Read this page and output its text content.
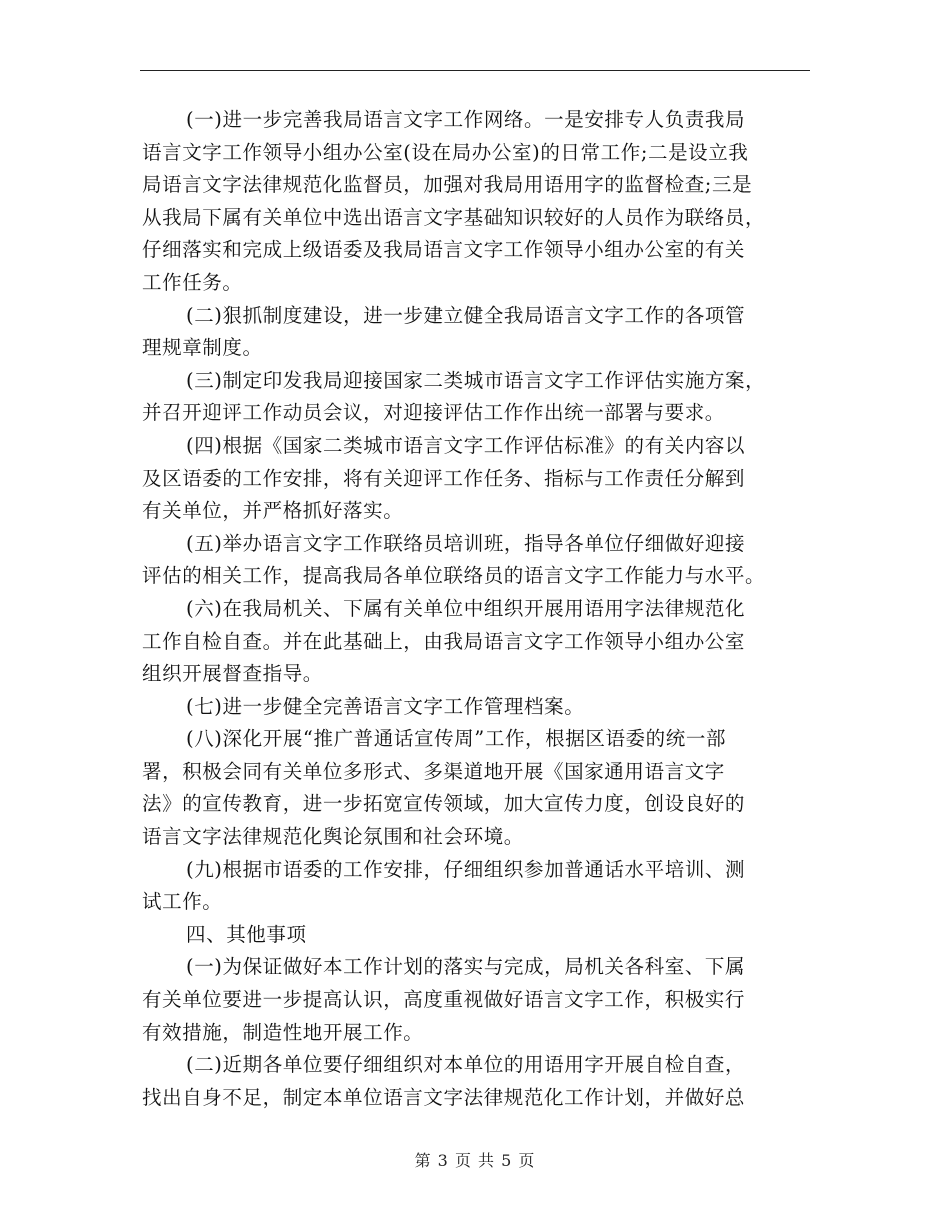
(一)进一步完善我局语言文字工作网络。一是安排专人负责我局
语言文字工作领导小组办公室(设在局办公室)的日常工作;二是设立我
局语言文字法律规范化监督员，加强对我局用语用字的监督检查;三是
从我局下属有关单位中选出语言文字基础知识较好的人员作为联络员，
仔细落实和完成上级语委及我局语言文字工作领导小组办公室的有关
工作任务。

(二)狠抓制度建设，进一步建立健全我局语言文字工作的各项管
理规章制度。

(三)制定印发我局迎接国家二类城市语言文字工作评估实施方案，
并召开迎评工作动员会议，对迎接评估工作作出统一部署与要求。

(四)根据《国家二类城市语言文字工作评估标准》的有关内容以
及区语委的工作安排，将有关迎评工作任务、指标与工作责任分解到
有关单位，并严格抓好落实。

(五)举办语言文字工作联络员培训班，指导各单位仔细做好迎接
评估的相关工作，提高我局各单位联络员的语言文字工作能力与水平。

(六)在我局机关、下属有关单位中组织开展用语用字法律规范化
工作自检自查。并在此基础上，由我局语言文字工作领导小组办公室
组织开展督查指导。

(七)进一步健全完善语言文字工作管理档案。

(八)深化开展“推广普通话宣传周”工作，根据区语委的统一部
署，积极会同有关单位多形式、多渠道地开展《国家通用语言文字
法》的宣传教育，进一步拓宽宣传领域，加大宣传力度，创设良好的
语言文字法律规范化舆论氛围和社会环境。

(九)根据市语委的工作安排，仔细组织参加普通话水平培训、测
试工作。

四、其他事项

(一)为保证做好本工作计划的落实与完成，局机关各科室、下属
有关单位要进一步提高认识，高度重视做好语言文字工作，积极实行
有效措施，制造性地开展工作。

(二)近期各单位要仔细组织对本单位的用语用字开展自检自查，
找出自身不足，制定本单位语言文字法律规范化工作计划，并做好总

第 3 页 共 5 页
